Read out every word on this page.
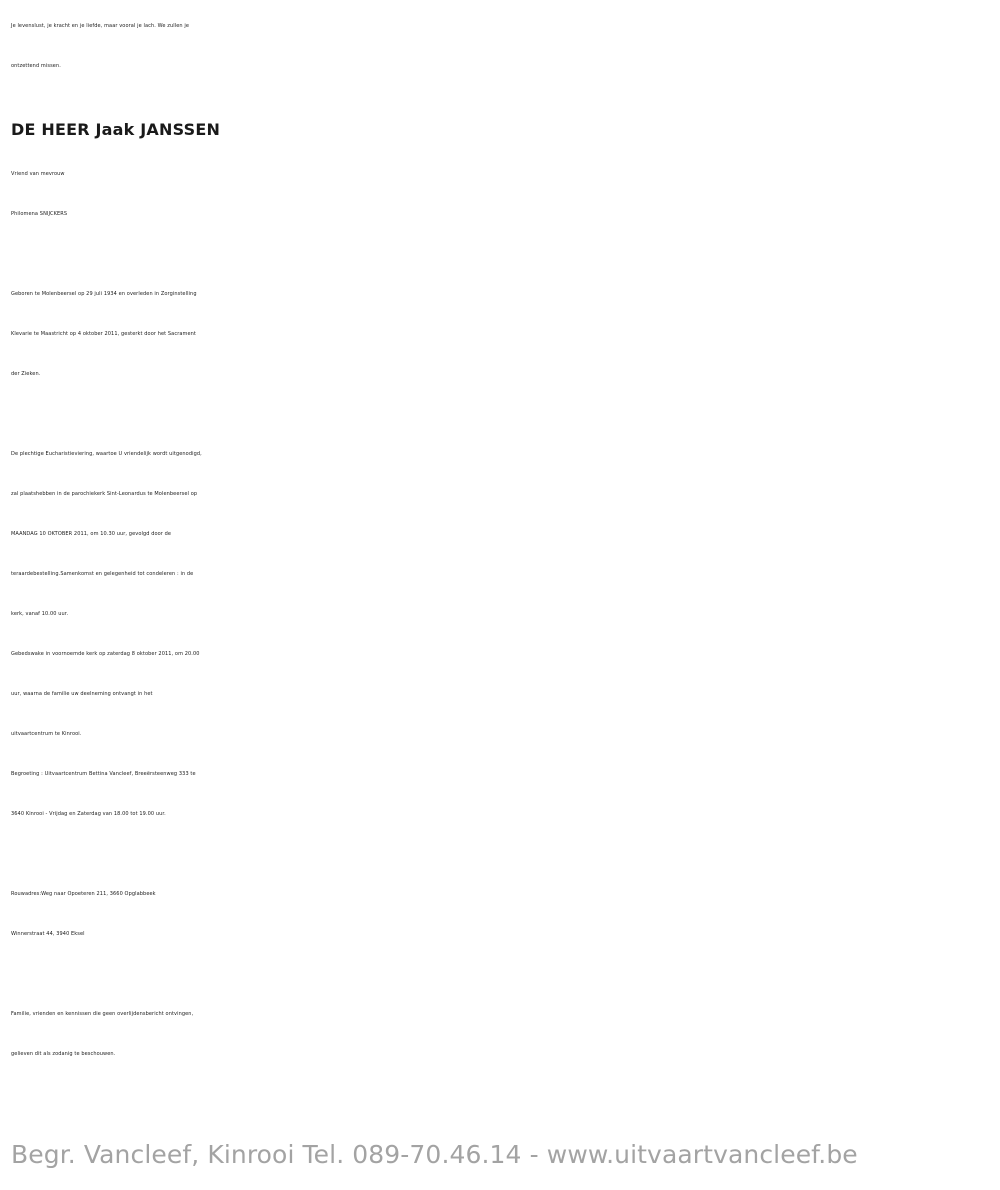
Je levenslust, je kracht en je liefde, maar vooral je lach. We zullen je
ontzettend missen.
DE HEER Jaak JANSSEN
Vriend van mevrouw
Philomena SNIJCKERS
Geboren te Molenbeersel op 29 juli 1934 en overleden in Zorginstelling
Klevarie te Maastricht op 4 oktober 2011, gesterkt door het Sacrament
der Zieken.
De plechtige Eucharistieviering, waartoe U vriendelijk wordt uitgenodigd,
zal plaatshebben in de parochiekerk Sint-Leonardus te Molenbeersel op
MAANDAG 10 OKTOBER 2011, om 10.30 uur, gevolgd door de
teraardebestelling.Samenkomst en gelegenheid tot condeleren : in de
kerk, vanaf 10.00 uur.
Gebedswake in voornoemde kerk op zaterdag 8 oktober 2011, om 20.00
uur, waarna de familie uw deelneming ontvangt in het
uitvaartcentrum te Kinrooi.
Begroeting : Uitvaartcentrum Bettina Vancleef, Breeërsteenweg 333 te
3640 Kinrooi - Vrijdag en Zaterdag van 18.00 tot 19.00 uur.
Rouwadres:Weg naar Opoeteren 211, 3660 Opglabbeek
Winnerstraat 44, 3940 Eksel
Familie, vrienden en kennissen die geen overlijdensbericht ontvingen,
gelieven dit als zodanig te beschouwen.
Begr. Vancleef, Kinrooi Tel. 089-70.46.14 - www.uitvaartvancleef.be
